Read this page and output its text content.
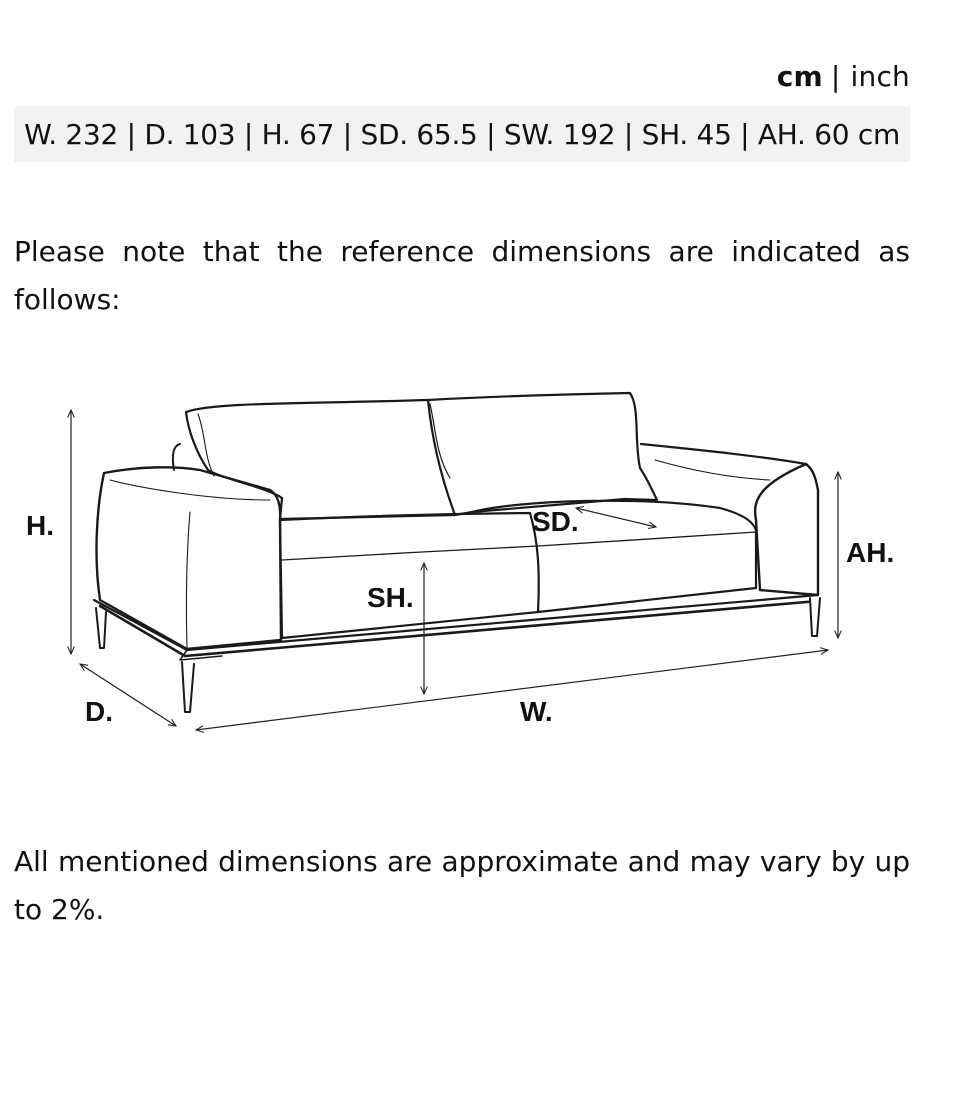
cm | inch
W. 232 | D. 103 | H. 67 | SD. 65.5 | SW. 192 | SH. 45 | AH. 60 cm

Please note that the reference dimensions are indicated as follows:

H.
D.	W.
SH.
SD.
AH.

All mentioned dimensions are approximate and may vary by up to 2%.
